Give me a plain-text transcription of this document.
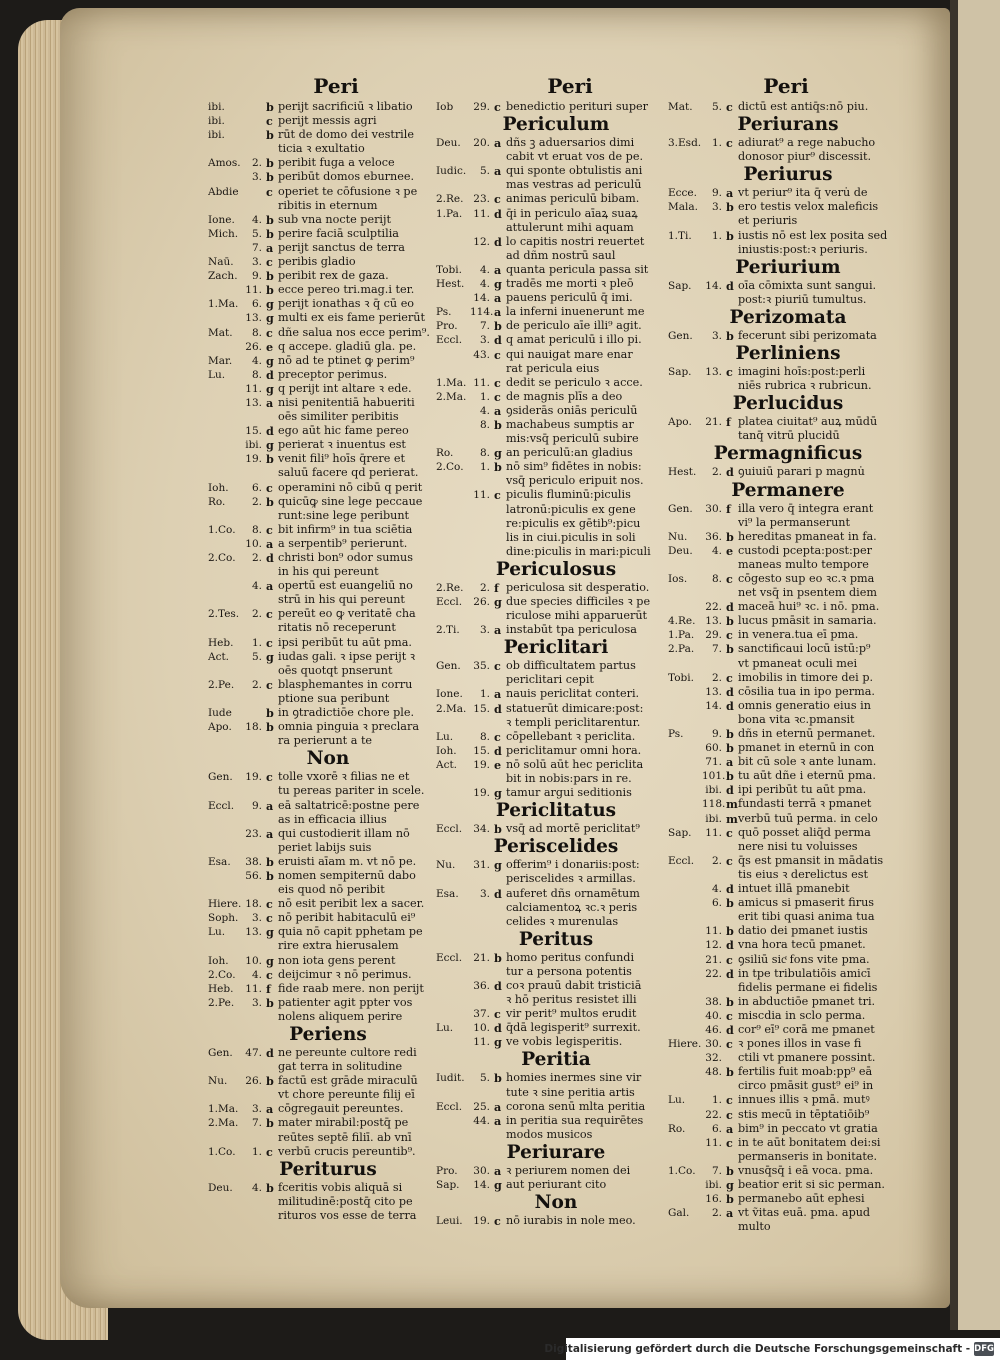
Peri	Peri	Peri
ibi.	b perijt sacrificiū ꝛ libatio
ibi.	c perijt messis agri
ibi.	b rūt de domo dei vestrile
ticia ꝛ exultatio
Amos.	2. b peribit fuga a veloce
3. b peribūt domos eburnee.
Abdie	c operiet te cōfusione ꝛ pe
ribitis in eternum
Ione.	4. b sub vna nocte perijt
Mich.	5. b perire faciā sculptilia
7. a perijt sanctus de terra
Naū.	3. c peribis gladio
Zach.	9. b peribit rex de gaza.
11. b ecce pereo tri.mag.i ter.
1.Ma.	6. g perijt ionathas ꝛ q̄ cū eo
13. g multi ex eis fame perierūt
Mat.	8. c dñe salua nos ecce perim⁹.
26. e q accepe. gladiū gla. pe.
Mar.	4. g nō ad te ptinet ꝙ perim⁹
Lu.	8. d preceptor perimus.
11. g q perijt int altare ꝛ ede.
13. a nisi penitentiā habueriti
oēs similiter peribitis
15. d ego aūt hic fame pereo
ibi. g perierat ꝛ inuentus est
19. b venit fili⁹ hoīs q̄rere et
saluū facere qd perierat.
Ioh.	6. c operamini nō cibū q perit
Ro.	2. b quicūꝙ sine lege peccaue
runt:sine lege peribunt
1.Co.	8. c bit infirm⁹ in tua sciētia
10. a a serpentib⁹ perierunt.
2.Co.	2. d christi bon⁹ odor sumus
in his qui pereunt
4. a opertū est euangeliū no
strū in his qui pereunt
2.Tes.	2. c pereūt eo ꝙ veritatē cha
ritatis nō receperunt
Heb.	1. c ipsi peribūt tu aūt pma.
Act.	5. g iudas gali. ꝛ ipse perijt ꝛ
oēs quotqt pnserunt
2.Pe.	2. c blasphemantes in corru
ptione sua peribunt
Iude	b in ꝯtradictiōe chore ple.
Apo.	18. b omnia pinguia ꝛ preclara
ra perierunt a te
Non
Gen.	19. c tolle vxorē ꝛ filias ne et
tu pereas pariter in scele.
Eccl.	9. a eā saltatricē:postne pere
as in efficacia illius
23. a qui custodierit illam nō
periet labijs suis
Esa.	38. b eruisti aīam m. vt nō pe.
56. b nomen sempiternū dabo
eis quod nō peribit
Hiere. 18. c nō esit peribit lex a sacer.
Soph.	3. c nō peribit habitaculū ei⁹
Lu.	13. g quia nō capit pphetam pe
rire extra hierusalem
Ioh.	10. g non iota gens perent
2.Co.	4. c deijcimur ꝛ nō perimus.
Heb.	11. f fide raab mere. non perijt
2.Pe.	3. b patienter agit ppter vos
nolens aliquem perire
Periens
Gen.	47. d ne pereunte cultore redi
gat terra in solitudine
Nu.	26. b factū est grāde miraculū
vt chore pereunte filij eī
1.Ma.	3. a cōgregauit pereuntes.
2.Ma.	7. b mater mirabil:postq̄ pe
reūtes septē filiī. ab vnī
1.Co.	1. c verbū crucis pereuntib⁹.
Periturus
Deu.	4. b fceritis vobis aliquā si
militudinē:postq̄ cito pe
rituros vos esse de terra
Iob	29. c benedictio perituri super
Periculum
Deu.	20. a dñs ꝫ aduersarios dimi
cabit vt eruat vos de pe.
Iudic.	5. a qui sponte obtulistis ani
mas vestras ad periculū
2.Re. 23. c animas periculū bibam.
1.Pa.	11. d q̄i in periculo aīaꝝ suaꝝ
attulerunt mihi aquam
12. d lo capitis nostri reuertet
ad dñm nostrū saul
Tobi.	4. a quanta pericula passa sit
Hest.	4. g tradēs me morti ꝛ pleō
14. a pauens periculū q̄ imi.
Ps.	114. a la inferni inuenerunt me
Pro.	7. b de periculo aīe illi⁹ agit.
Eccl.	3. d q amat periculū i illo pi.
43. c qui nauigat mare enar
rat pericula eius
1.Ma. 11. c dedit se periculo ꝛ acce.
2.Ma.	1. c de magnis plīs a deo
4. a ꝯsiderās oniās periculū
8. b machabeus sumptis ar
mis:vsq̄ periculū subire
Ro.	8. g an periculū:an gladius
2.Co.	1. b nō sim⁹ fidētes in nobis:
vsq̄ periculo eripuit nos.
11. c piculis fluminū:piculis
latronū:piculis ex gene
re:piculis ex gētib⁹:picu
lis in ciui.piculis in soli
dine:piculis in mari:piculi
Periculosus
2.Re.	2. f periculosa sit desperatio.
Eccl.	26. g due species difficiles ꝛ pe
riculose mihi apparuerūt
2.Ti.	3. a instabūt tpa periculosa
Periclitari
Gen.	35. c ob difficultatem partus
periclitari cepit
Ione.	1. a nauis periclitat̄ conteri.
2.Ma. 15. d statuerūt dimicare:post:
ꝛ templi periclitarentur.
Lu.	8. c cōpellebant ꝛ periclita.
Ioh.	15. d periclitamur omni hora.
Act.	19. e nō solū aūt hec periclita
bit in nobis:pars in re.
19. g tamur argui seditionis
Periclitatus
Eccl.	34. b vsq̄ ad mortē periclitat⁹
Periscelides
Nu.	31. g offerim⁹ i donariis:post:
periscelides ꝛ armillas.
Esa.	3. d auferet dñs ornamētum
calciamentoꝝ ꝛc.ꝛ peris
celides ꝛ murenulas
Peritus
Eccl.	21. b homo peritus confundi
tur a persona potentis
36. d coꝛ prauū dabit tristiciā
ꝛ hō peritus resistet illi
37. c vir perit⁹ multos erudit
Lu.	10. d q̄dā legisperit⁹ surrexit.
11. g ve vobis legisperitis.
Peritia
Iudit.	5. b homies inermes sine vir
tute ꝛ sine peritia artis
Eccl.	25. a corona senū mlta peritia
44. a in peritia sua requirētes
modos musicos
Periurare
Pro.	30. a ꝛ periurem nomen dei
Sap.	14. g aut periurant cito
Non
Leui.	19. c nō iurabis in nole meo.
Mat.	5. c dictū est antiq̄s:nō piu.
Periurans
3.Esd.	1. c adiurat⁹ a rege nabucho
donosor piur⁹ discessit.
Periurus
Ecce.	9. a vt periur⁹ ita q̄ veru̇ de
Mala.	3. b ero testis velox maleficis
et periuris
1.Ti.	1. b iustis nō est lex posita sed
iniustis:post:ꝛ periuris.
Periurium
Sap.	14. d oīa cōmixta sunt sangui.
post:ꝛ piuriū tumultus.
Perizomata
Gen.	3. b fecerunt sibi perizomata
Perliniens
Sap.	13. c imagini hoīs:post:perli
niēs rubrica ꝛ rubricun.
Perlucidus
Apo.	21. f platea ciuitat⁹ auꝝ mūdū
tanq̄ vitrū plucidū
Permagnificus
Hest.	2. d ꝯuiuiū parari p magnu̇
Permanere
Gen.	30. f illa vero q̄ integra erant
vi⁹ la permanserunt
Nu.	36. b hereditas pmaneat in fa.
Deu.	4. e custodi pcepta:post:per
maneas multo tempore
Ios.	8. c cōgesto sup eo ꝛc.ꝛ pma
net vsq̄ in psentem diem
22. d maceā hui⁹ ꝛc. i nō. pma.
4.Re. 13. b lucus pmāsit in samaria.
1.Pa.	29. c in venera.tua eī pma.
2.Pa.	7. b sanctificaui locū istū:p⁹
vt pmaneat oculi mei
Tobi.	2. c imobilis in timore dei p.
13. d cōsilia tua in ipo perma.
14. d omnis generatio eius in
bona vita ꝛc.pmansit
Ps.	9. b dñs in eternū permanet.
60. b pmanet in eternū in con
71. a bit cū sole ꝛ ante lunam.
101. b tu aūt dñe i eternū pma.
ibi. d ipi peribūt tu aūt pma.
118. m fundasti terrā ꝛ pmanet
ibi. m verbū tuū perma. in celo
Sap.	11. c quō posset aliq̄d perma
nere nisi tu voluisses
Eccl.	2. c q̄s est pmansit in mādatis
tis eius ꝛ derelictus est
4. d intuet illā pmanebit
6. b amicus si pmaserit firus
erit tibi quasi anima tua
11. b datio dei pmanet iustis
12. d vna hora tecū pmanet.
21. c ꝯsiliū sicͭ fons vite pma.
22. d in tpe tribulatiōis amicī
fidelis permane ei fidelis
38. b in abductiōe pmanet tri.
40. c miscdia in sclo perma.
46. d cor⁹ eī⁹ corā me pmanet
Hiere. 30. c ꝛ pones illos in vase fi
32.	ctili vt pmanere possint.
48. b fertilis fuit moab:pp⁹ eā
circo pmāsit gust⁹ ei⁹ in
Lu.	1. c innues illis ꝛ pmā. mutꝰ
22. c stis mecū in tēptatiōib⁹
Ro.	6. a bim⁹ in peccato vt gratia
11. c in te aūt bonitatem dei:si
permanseris in bonitate.
1.Co.	7. b vnusq̄sq̄ i eā voca. pma.
ibi. g beatior erit si sic perman.
16. b permanebo aūt ephesi
Gal.	2. a vt ṽitas euā. pma. apud
multo
Digitalisierung gefördert durch die Deutsche Forschungsgemeinschaft - DFG
